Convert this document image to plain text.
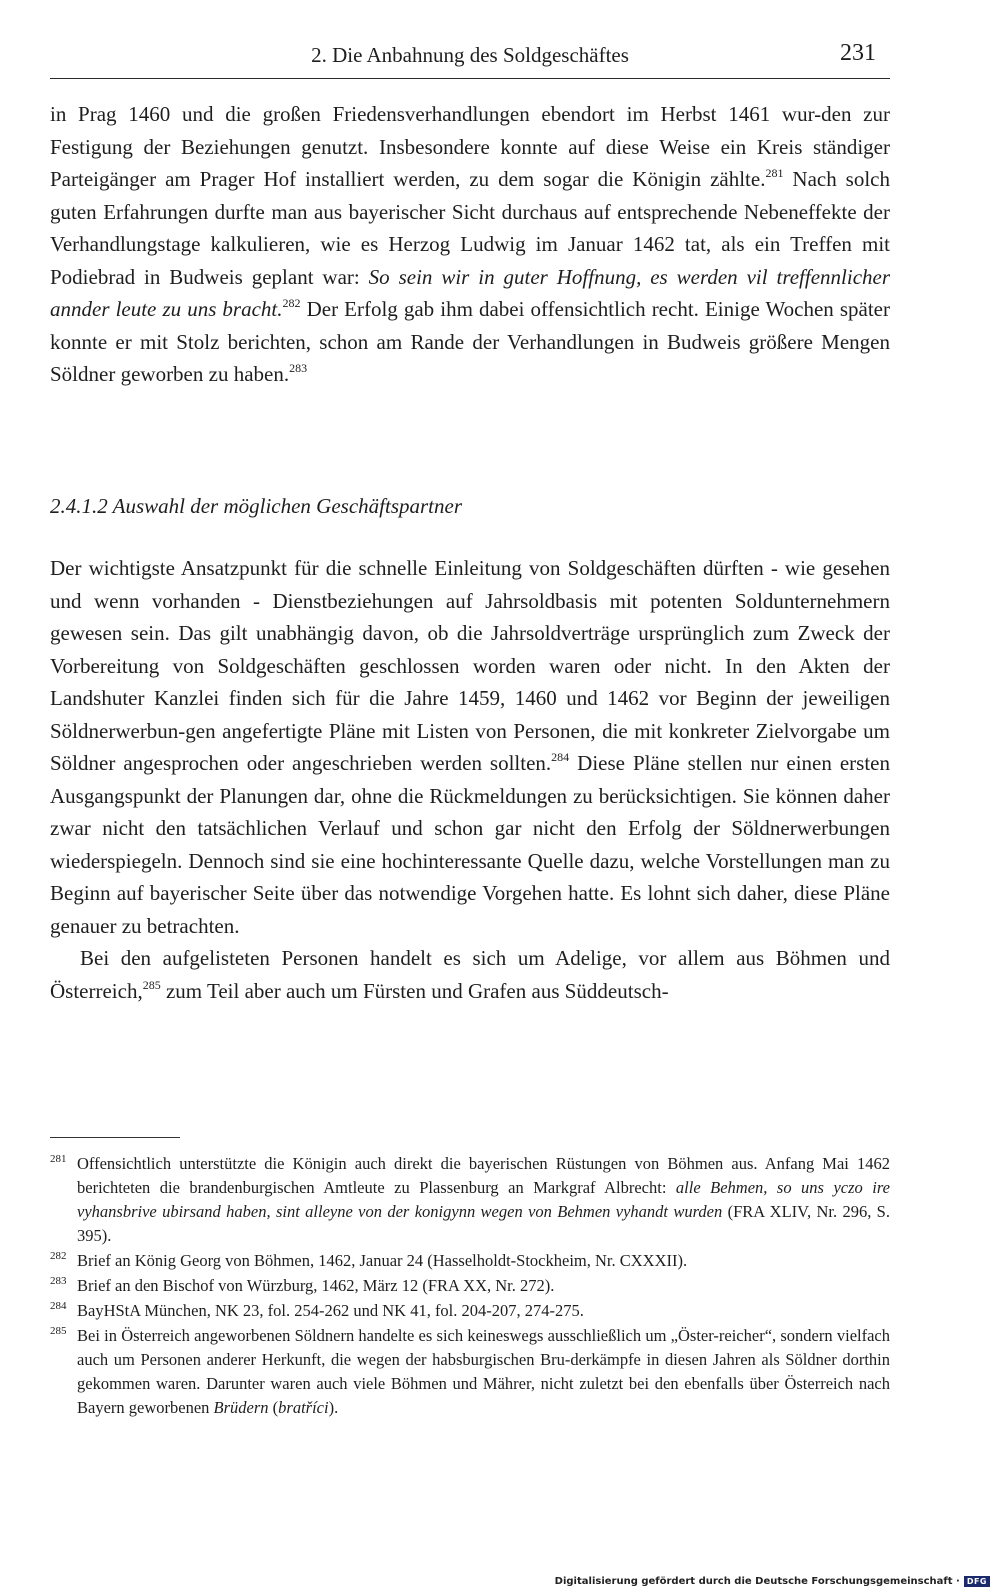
2. Die Anbahnung des Soldgeschäftes	231

in Prag 1460 und die großen Friedensverhandlungen ebendort im Herbst 1461 wur-den zur Festigung der Beziehungen genutzt. Insbesondere konnte auf diese Weise ein Kreis ständiger Parteigänger am Prager Hof installiert werden, zu dem sogar die Königin zählte.$^{281}$ Nach solch guten Erfahrungen durfte man aus bayerischer Sicht durchaus auf entsprechende Nebeneffekte der Verhandlungstage kalkulieren, wie es Herzog Ludwig im Januar 1462 tat, als ein Treffen mit Podiebrad in Budweis geplant war: So sein wir in guter Hoffnung, es werden vil treffennlicher annder leute zu uns bracht.$^{282}$ Der Erfolg gab ihm dabei offensichtlich recht. Einige Wochen später konnte er mit Stolz berichten, schon am Rande der Verhandlungen in Budweis größere Mengen Söldner geworben zu haben.$^{283}$

2.4.1.2 Auswahl der möglichen Geschäftspartner

Der wichtigste Ansatzpunkt für die schnelle Einleitung von Soldgeschäften dürften - wie gesehen und wenn vorhanden - Dienstbeziehungen auf Jahrsoldbasis mit potenten Soldunternehmern gewesen sein. Das gilt unabhängig davon, ob die Jahrsoldverträge ursprünglich zum Zweck der Vorbereitung von Soldgeschäften geschlossen worden waren oder nicht. In den Akten der Landshuter Kanzlei finden sich für die Jahre 1459, 1460 und 1462 vor Beginn der jeweiligen Söldnerwerbun-gen angefertigte Pläne mit Listen von Personen, die mit konkreter Zielvorgabe um Söldner angesprochen oder angeschrieben werden sollten.$^{284}$ Diese Pläne stellen nur einen ersten Ausgangspunkt der Planungen dar, ohne die Rückmeldungen zu berücksichtigen. Sie können daher zwar nicht den tatsächlichen Verlauf und schon gar nicht den Erfolg der Söldnerwerbungen wiederspiegeln. Dennoch sind sie eine hochinteressante Quelle dazu, welche Vorstellungen man zu Beginn auf bayerischer Seite über das notwendige Vorgehen hatte. Es lohnt sich daher, diese Pläne genauer zu betrachten.

Bei den aufgelisteten Personen handelt es sich um Adelige, vor allem aus Böhmen und Österreich,$^{285}$ zum Teil aber auch um Fürsten und Grafen aus Süddeutsch-

281 Offensichtlich unterstützte die Königin auch direkt die bayerischen Rüstungen von Böhmen aus. Anfang Mai 1462 berichteten die brandenburgischen Amtleute zu Plassenburg an Markgraf Albrecht: alle Behmen, so uns yczo ire vyhansbrive ubirsand haben, sint alleyne von der konigynn wegen von Behmen vyhandt wurden (FRA XLIV, Nr. 296, S. 395).
282 Brief an König Georg von Böhmen, 1462, Januar 24 (Hasselholdt-Stockheim, Nr. CXXXII).
283 Brief an den Bischof von Würzburg, 1462, März 12 (FRA XX, Nr. 272).
284 BayHStA München, NK 23, fol. 254-262 und NK 41, fol. 204-207, 274-275.
285 Bei in Österreich angeworbenen Söldnern handelte es sich keineswegs ausschließlich um „Öster-reicher“, sondern vielfach auch um Personen anderer Herkunft, die wegen der habsburgischen Bru-derkämpfe in diesen Jahren als Söldner dorthin gekommen waren. Darunter waren auch viele Böhmen und Mährer, nicht zuletzt bei den ebenfalls über Österreich nach Bayern geworbenen Brüdern (bratříci).
Digitalisierung gefördert durch die Deutsche Forschungsgemeinschaft · DFG
